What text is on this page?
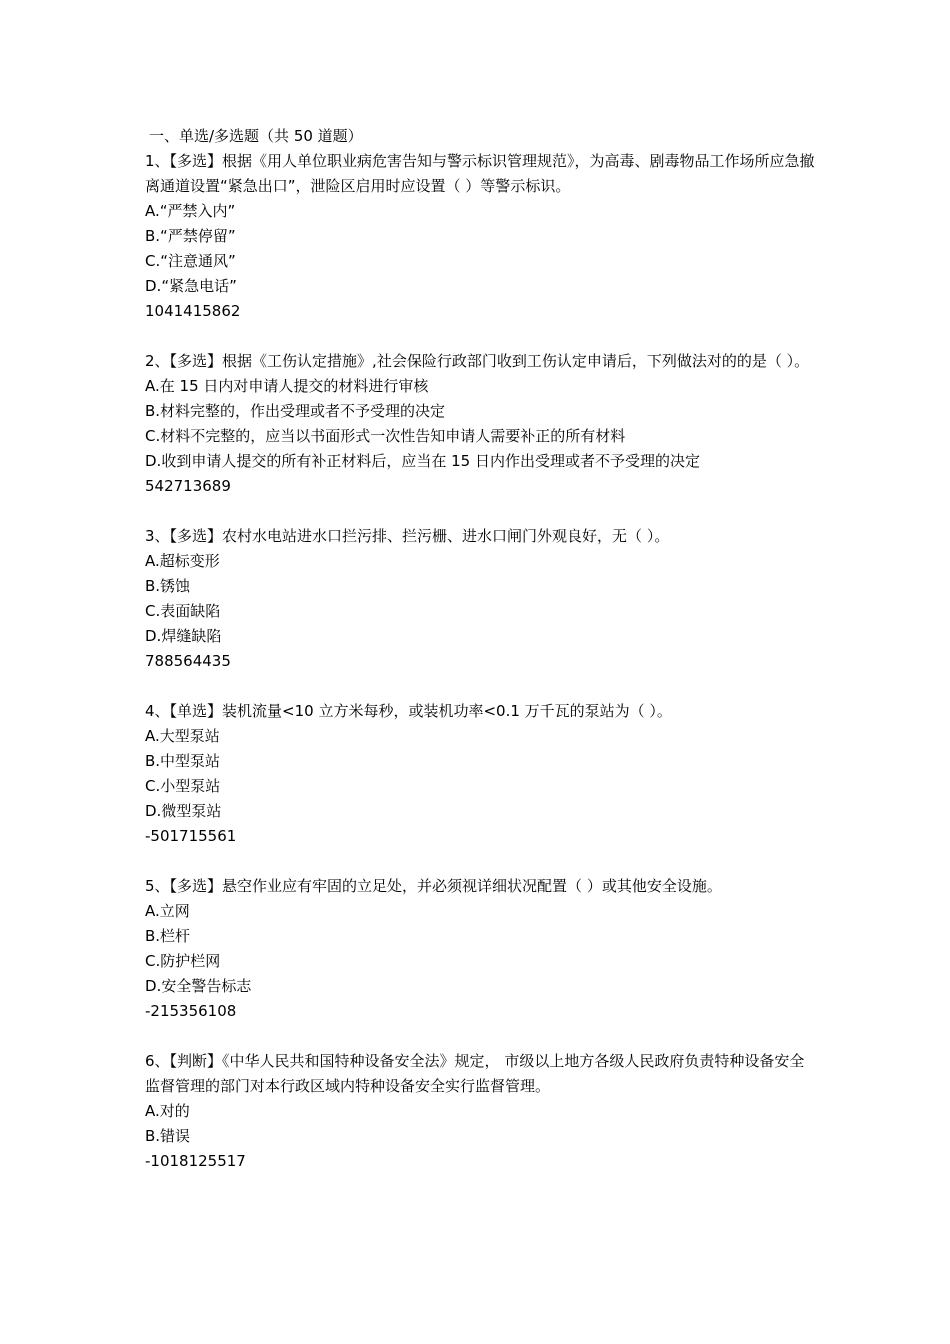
一、单选/多选题（共 50 道题）
1、【多选】根据《用人单位职业病危害告知与警示标识管理规范》，为高毒、剧毒物品工作场所应急撤离通道设置“紧急出口”，泄险区启用时应设置（ ）等警示标识。
A.“严禁入内”
B.“严禁停留”
C.“注意通风”
D.“紧急电话”
1041415862
2、【多选】根据《工伤认定措施》,社会保险行政部门收到工伤认定申请后，下列做法对的的是（ ）。
A.在 15 日内对申请人提交的材料进行审核
B.材料完整的，作出受理或者不予受理的决定
C.材料不完整的，应当以书面形式一次性告知申请人需要补正的所有材料
D.收到申请人提交的所有补正材料后，应当在 15 日内作出受理或者不予受理的决定
542713689
3、【多选】农村水电站进水口拦污排、拦污栅、进水口闸门外观良好，无（ ）。
A.超标变形
B.锈蚀
C.表面缺陷
D.焊缝缺陷
788564435
4、【单选】装机流量<10 立方米每秒，或装机功率<0.1 万千瓦的泵站为（ ）。
A.大型泵站
B.中型泵站
C.小型泵站
D.微型泵站
-501715561
5、【多选】悬空作业应有牢固的立足处，并必须视详细状况配置（ ）或其他安全设施。
A.立网
B.栏杆
C.防护栏网
D.安全警告标志
-215356108
6、【判断】《中华人民共和国特种设备安全法》规定， 市级以上地方各级人民政府负责特种设备安全监督管理的部门对本行政区域内特种设备安全实行监督管理。
A.对的
B.错误
-1018125517
